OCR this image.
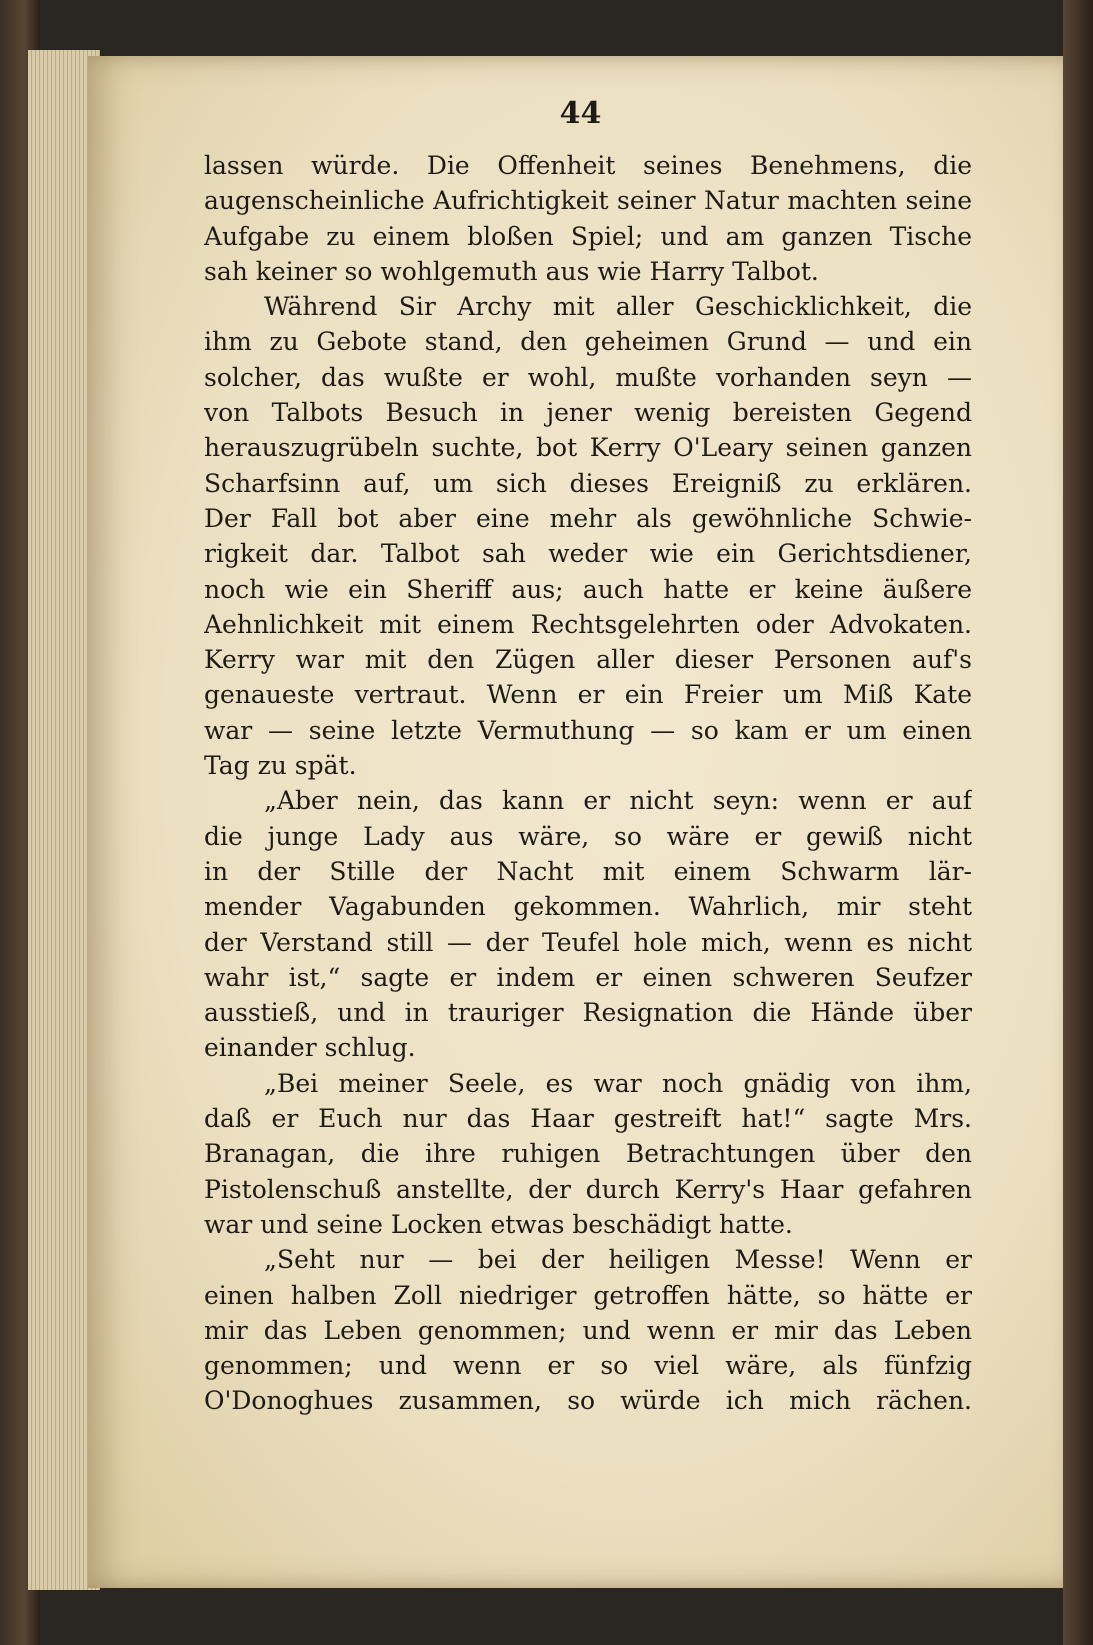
44
lassen würde. Die Offenheit seines Benehmens, die
augenscheinliche Aufrichtigkeit seiner Natur machten seine
Aufgabe zu einem bloßen Spiel; und am ganzen Tische
sah keiner so wohlgemuth aus wie Harry Talbot.
Während Sir Archy mit aller Geschicklichkeit, die
ihm zu Gebote stand, den geheimen Grund — und ein
solcher, das wußte er wohl, mußte vorhanden seyn —
von Talbots Besuch in jener wenig bereisten Gegend
herauszugrübeln suchte, bot Kerry O'Leary seinen ganzen
Scharfsinn auf, um sich dieses Ereigniß zu erklären.
Der Fall bot aber eine mehr als gewöhnliche Schwie-
rigkeit dar. Talbot sah weder wie ein Gerichtsdiener,
noch wie ein Sheriff aus; auch hatte er keine äußere
Aehnlichkeit mit einem Rechtsgelehrten oder Advokaten.
Kerry war mit den Zügen aller dieser Personen auf's
genaueste vertraut. Wenn er ein Freier um Miß Kate
war — seine letzte Vermuthung — so kam er um einen
Tag zu spät.
„Aber nein, das kann er nicht seyn: wenn er auf
die junge Lady aus wäre, so wäre er gewiß nicht
in der Stille der Nacht mit einem Schwarm lär-
mender Vagabunden gekommen. Wahrlich, mir steht
der Verstand still — der Teufel hole mich, wenn es nicht
wahr ist,“ sagte er indem er einen schweren Seufzer
ausstieß, und in trauriger Resignation die Hände über
einander schlug.
„Bei meiner Seele, es war noch gnädig von ihm,
daß er Euch nur das Haar gestreift hat!“ sagte Mrs.
Branagan, die ihre ruhigen Betrachtungen über den
Pistolenschuß anstellte, der durch Kerry's Haar gefahren
war und seine Locken etwas beschädigt hatte.
„Seht nur — bei der heiligen Messe! Wenn er
einen halben Zoll niedriger getroffen hätte, so hätte er
mir das Leben genommen; und wenn er mir das Leben
genommen; und wenn er so viel wäre, als fünfzig
O'Donoghues zusammen, so würde ich mich rächen.
